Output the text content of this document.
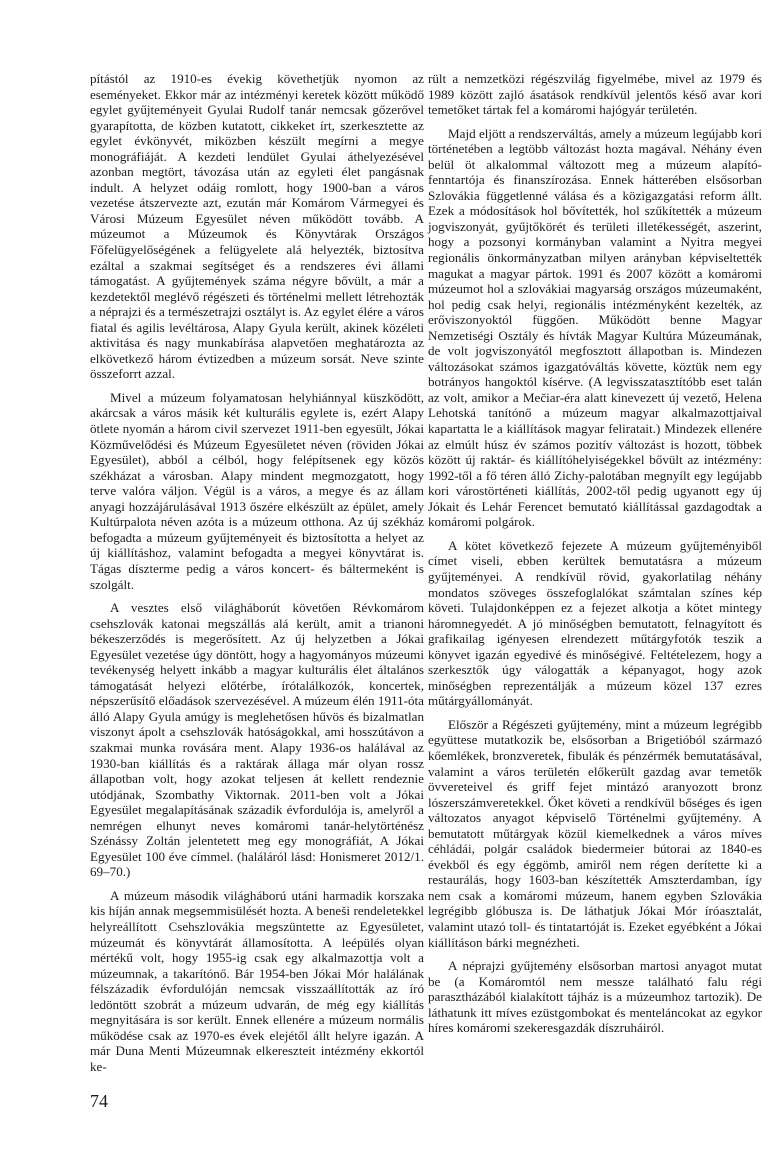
pítástól az 1910-es évekig követhetjük nyomon az eseményeket. Ekkor már az intézményi keretek között működő egylet gyűjteményeit Gyulai Rudolf tanár nemcsak gőzerővel gyarapította, de közben kutatott, cikkeket írt, szerkesztette az egylet évkönyvét, miközben készült megírni a megye monográfiáját. A kezdeti lendület Gyulai áthelyezésével azonban megtört, távozása után az egyleti élet pangásnak indult. A helyzet odáig romlott, hogy 1900-ban a város vezetése átszervezte azt, ezután már Komárom Vármegyei és Városi Múzeum Egyesület néven működött tovább. A múzeumot a Múzeumok és Könyvtárak Országos Főfelügyelőségének a felügyelete alá helyezték, biztosítva ezáltal a szakmai segítséget és a rendszeres évi állami támogatást. A gyűjtemények száma négyre bővült, a már a kezdetektől meglévő régészeti és történelmi mellett létrehozták a néprajzi és a természetrajzi osztályt is. Az egylet élére a város fiatal és agilis levéltárosa, Alapy Gyula került, akinek közéleti aktivitása és nagy munkabírása alapvetően meghatározta az elkövetkező három évtizedben a múzeum sorsát. Neve szinte összeforrt azzal.

Mivel a múzeum folyamatosan helyhiánnyal küszködött, akárcsak a város másik két kulturális egylete is, ezért Alapy ötlete nyomán a három civil szervezet 1911-ben egyesült, Jókai Közművelődési és Múzeum Egyesületet néven (röviden Jókai Egyesület), abból a célból, hogy felépítsenek egy közös székházat a városban. Alapy mindent megmozgatott, hogy terve valóra váljon. Végül is a város, a megye és az állam anyagi hozzájárulásával 1913 őszére elkészült az épület, amely Kultúrpalota néven azóta is a múzeum otthona. Az új székház befogadta a múzeum gyűjteményeit és biztosította a helyet az új kiállításhoz, valamint befogadta a megyei könyvtárat is. Tágas díszterme pedig a város koncert- és báltermeként is szolgált.

A vesztes első világháborút követően Révkomárom csehszlovák katonai megszállás alá került, amit a trianoni békeszerződés is megerősített. Az új helyzetben a Jókai Egyesület vezetése úgy döntött, hogy a hagyományos múzeumi tevékenység helyett inkább a magyar kulturális élet általános támogatását helyezi előtérbe, írótalálkozók, koncertek, népszerűsítő előadások szervezésével. A múzeum élén 1911-óta álló Alapy Gyula amúgy is meglehetősen hűvös és bizalmatlan viszonyt ápolt a csehszlovák hatóságokkal, ami hosszútávon a szakmai munka rovására ment. Alapy 1936-os halálával az 1930-ban kiállítás és a raktárak állaga már olyan rossz állapotban volt, hogy azokat teljesen át kellett rendeznie utódjának, Szombathy Viktornak. 2011-ben volt a Jókai Egyesület megalapításának századik évfordulója is, amelyről a nemrégen elhunyt neves komáromi tanár-helytörténész Szénássy Zoltán jelentetett meg egy monográfiát, A Jókai Egyesület 100 éve címmel. (haláláról lásd: Honismeret 2012/1. 69–70.)

A múzeum második világháború utáni harmadik korszaka kis híján annak megsemmisülését hozta. A beneši rendeletekkel helyreállított Csehszlovákia megszüntette az Egyesületet, múzeumát és könyvtárát államosította. A leépülés olyan mértékű volt, hogy 1955-ig csak egy alkalmazottja volt a múzeumnak, a takarítónő. Bár 1954-ben Jókai Mór halálának félszázadik évfordulóján nemcsak visszaállították az író ledöntött szobrát a múzeum udvarán, de még egy kiállítás megnyitására is sor került. Ennek ellenére a múzeum normális működése csak az 1970-es évek elejétől állt helyre igazán. A már Duna Menti Múzeumnak elkereszteit intézmény ekkortól ke-

rült a nemzetközi régészvilág figyelmébe, mivel az 1979 és 1989 között zajló ásatások rendkívül jelentős késő avar kori temetőket tártak fel a komáromi hajógyár területén.

Majd eljött a rendszerváltás, amely a múzeum legújabb kori történetében a legtöbb változást hozta magával. Néhány éven belül öt alkalommal változott meg a múzeum alapító-fenntartója és finanszírozása. Ennek hátterében elsősorban Szlovákia függetlenné válása és a közigazgatási reform állt. Ezek a módosítások hol bővítették, hol szűkítették a múzeum jogviszonyát, gyűjtőkörét és területi illetékességét, aszerint, hogy a pozsonyi kormányban valamint a Nyitra megyei regionális önkormányzatban milyen arányban képviseltették magukat a magyar pártok. 1991 és 2007 között a komáromi múzeumot hol a szlovákiai magyarság országos múzeumaként, hol pedig csak helyi, regionális intézményként kezelték, az erőviszonyoktól függően. Működött benne Magyar Nemzetiségi Osztály és hívták Magyar Kultúra Múzeumának, de volt jogviszonyától megfosztott állapotban is. Mindezen változásokat számos igazgatóváltás követte, köztük nem egy botrányos hangoktól kísérve. (A legvisszatasztítóbb eset talán az volt, amikor a Mečiar-éra alatt kinevezett új vezető, Helena Lehotská tanítónő a múzeum magyar alkalmazottjaival kapartatta le a kiállítások magyar feliratait.) Mindezek ellenére az elmúlt húsz év számos pozitív változást is hozott, többek között új raktár- és kiállítóhelyiségekkel bővült az intézmény: 1992-től a fő téren álló Zichy-palotában megnyílt egy legújabb kori várostörténeti kiállítás, 2002-től pedig ugyanott egy új Jókait és Lehár Ferencet bemutató kiállítással gazdagodtak a komáromi polgárok.

A kötet következő fejezete A múzeum gyűjteményiből címet viseli, ebben kerültek bemutatásra a múzeum gyűjteményei. A rendkívül rövid, gyakorlatilag néhány mondatos szöveges összefoglalókat számtalan színes kép követi. Tulajdonképpen ez a fejezet alkotja a kötet mintegy háromnegyedét. A jó minőségben bemutatott, felnagyított és grafikailag igényesen elrendezett műtárgyfotók teszik a könyvet igazán egyedivé és minőségivé. Feltételezem, hogy a szerkesztők úgy válogatták a képanyagot, hogy azok minőségben reprezentálják a múzeum közel 137 ezres műtárgyállományát.

Először a Régészeti gyűjtemény, mint a múzeum legrégibb együttese mutatkozik be, elsősorban a Brigetióból származó kőemlékek, bronzveretek, fibulák és pénzérmék bemutatásával, valamint a város területén előkerült gazdag avar temetők övvereteivel és griff fejet mintázó aranyozott bronz lószerszámveretekkel. Őket követi a rendkívül bőséges és igen változatos anyagot képviselő Történelmi gyűjtemény. A bemutatott műtárgyak közül kiemelkednek a város míves céhládái, polgár családok biedermeier bútorai az 1840-es évekből és egy éggömb, amiről nem régen derítette ki a restaurálás, hogy 1603-ban készítették Amszterdamban, így nem csak a komáromi múzeum, hanem egyben Szlovákia legrégibb glóbusza is. De láthatjuk Jókai Mór íróasztalát, valamint utazó toll- és tintatartóját is. Ezeket egyébként a Jókai kiállításon bárki megnézheti.

A néprajzi gyűjtemény elsősorban martosi anyagot mutat be (a Komáromtól nem messze található falu régi parasztházából kialakított tájház is a múzeumhoz tartozik). De láthatunk itt míves ezüstgombokat és menteláncokat az egykor híres komáromi szekeresgazdák díszruháiról.

74
